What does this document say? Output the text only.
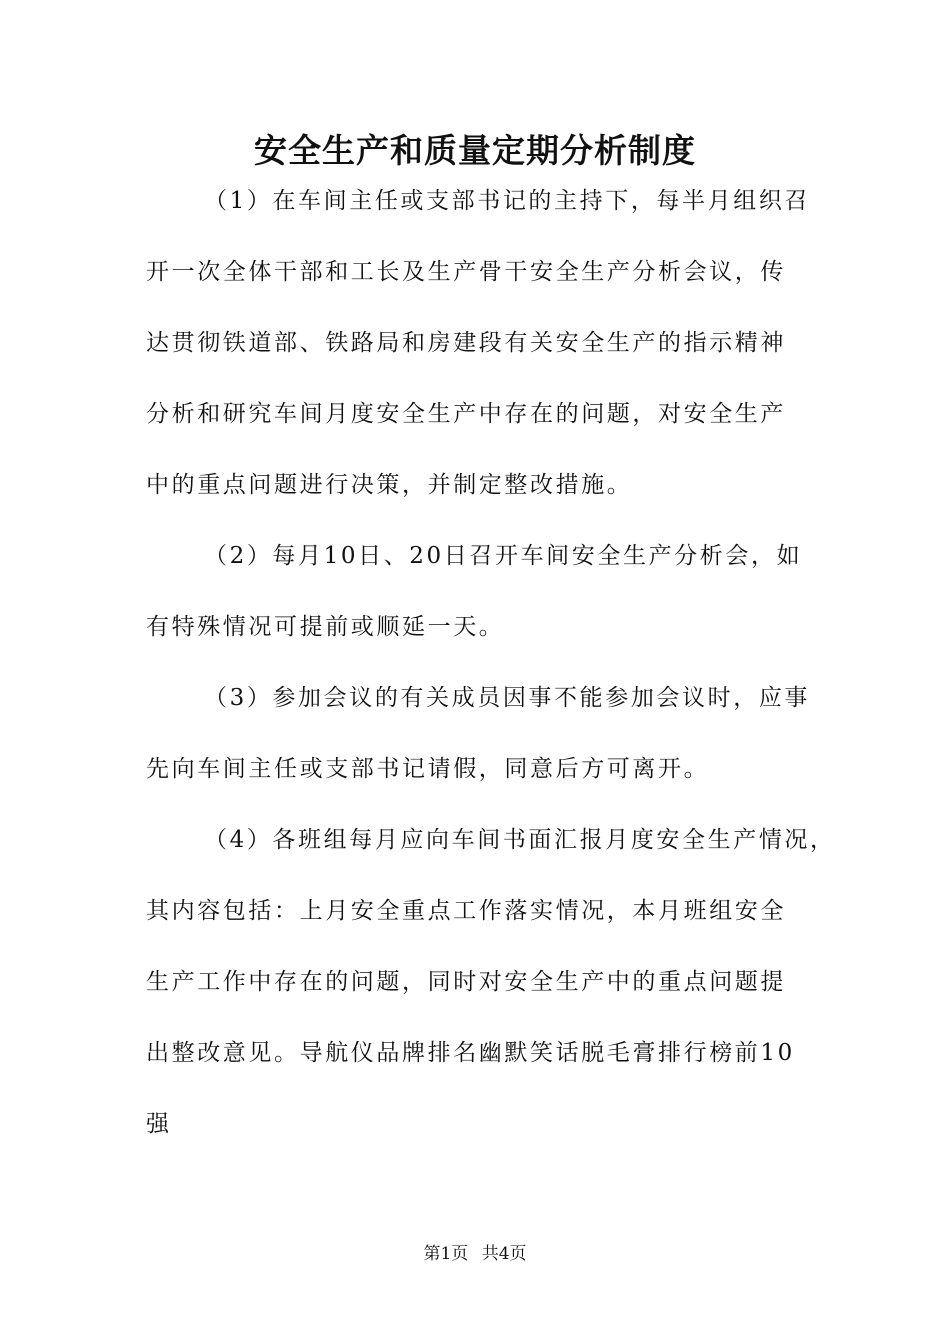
安全生产和质量定期分析制度
（1）在车间主任或支部书记的主持下，每半月组织召
开一次全体干部和工长及生产骨干安全生产分析会议，传
达贯彻铁道部、铁路局和房建段有关安全生产的指示精神
分析和研究车间月度安全生产中存在的问题，对安全生产
中的重点问题进行决策，并制定整改措施。
（2）每月10日、20日召开车间安全生产分析会，如
有特殊情况可提前或顺延一天。
（3）参加会议的有关成员因事不能参加会议时，应事
先向车间主任或支部书记请假，同意后方可离开。
（4）各班组每月应向车间书面汇报月度安全生产情况，
其内容包括：上月安全重点工作落实情况，本月班组安全
生产工作中存在的问题，同时对安全生产中的重点问题提
出整改意见。导航仪品牌排名幽默笑话脱毛膏排行榜前10
强
第1页 共4页
